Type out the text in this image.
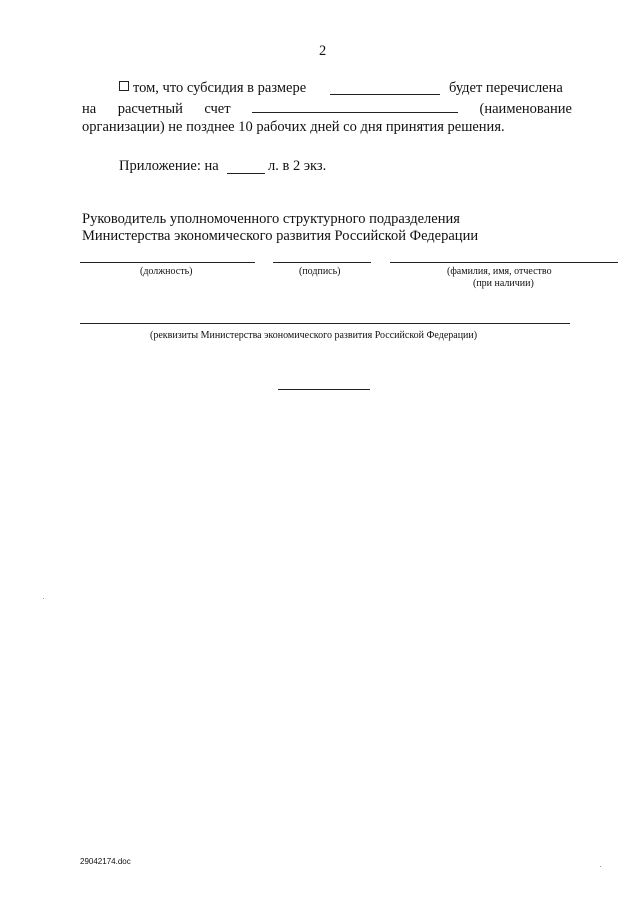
2
том, что субсидия в размере	будет перечислена
на расчетный счет	(наименование
организации) не позднее 10 рабочих дней со дня принятия решения.
Приложение: на	л. в 2 экз.
Руководитель уполномоченного структурного подразделения
Министерства экономического развития Российской Федерации
(должность)	(подпись)	(фамилия, имя, отчество
(при наличии)
(реквизиты Министерства экономического развития Российской Федерации)
29042174.doc
